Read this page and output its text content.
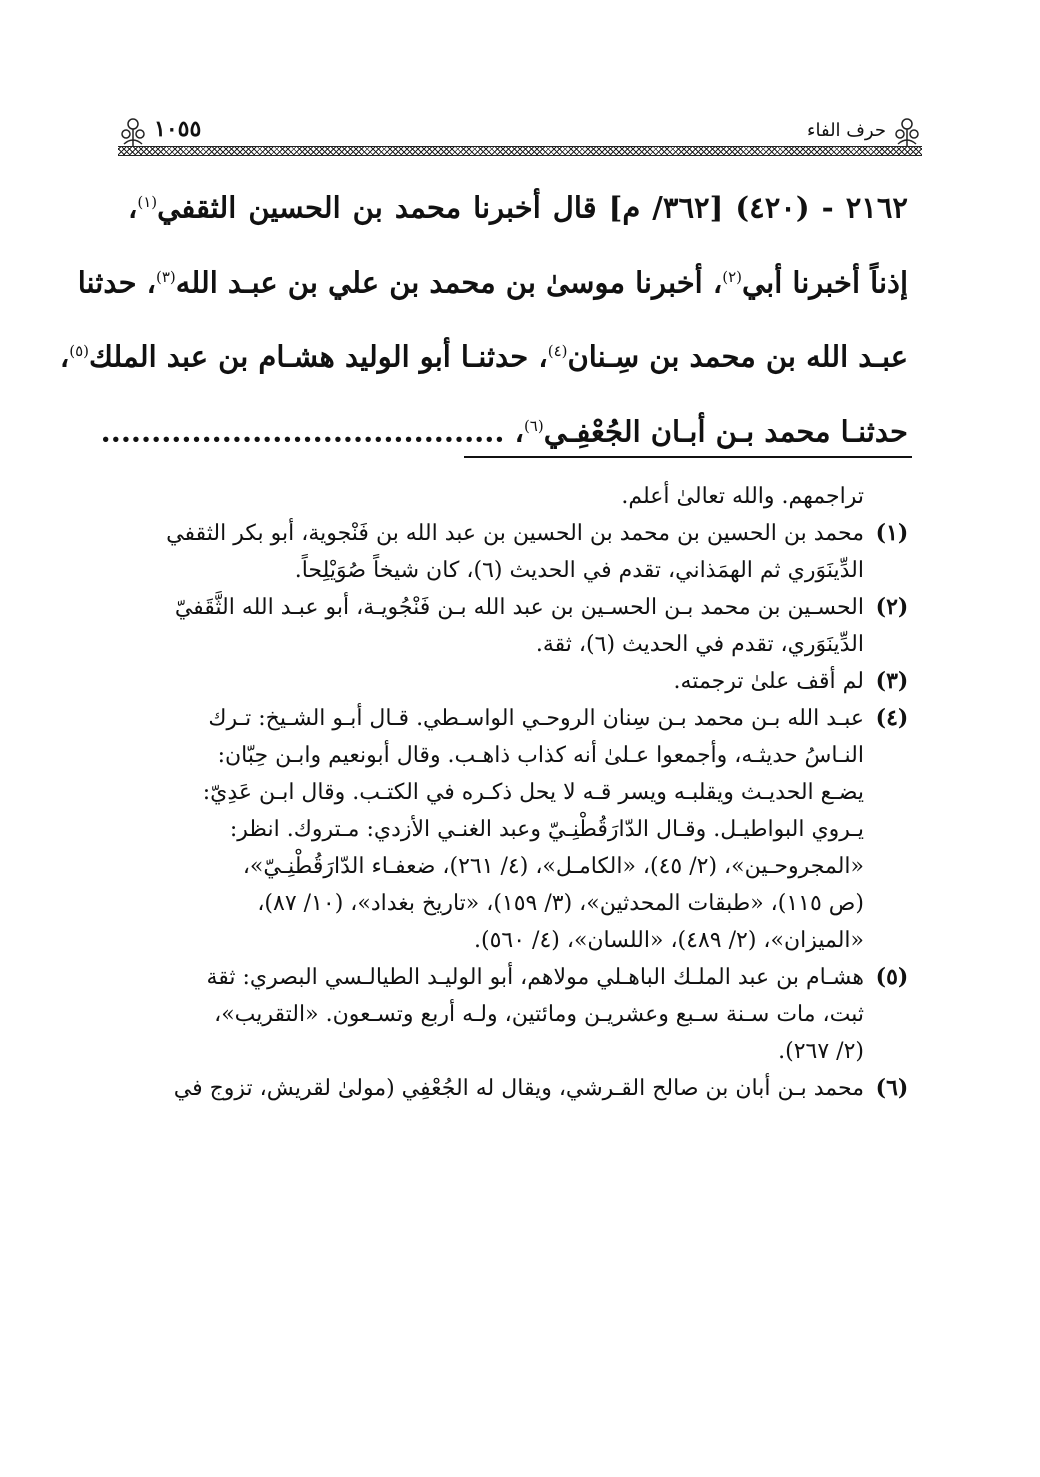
حرف الفاء
١٠٥٥

٢١٦٢ - (٤٢٠) [٣٦٢/ م] قال أخبرنا محمد بن الحسين الثقفي$^{(١)}$،

إذناً أخبرنا أبي$^{(٢)}$، أخبرنا موسىٰ بن محمد بن علي بن عبـد الله$^{(٣)}$، حدثنا

عبـد الله بن محمد بن سِـنان$^{(٤)}$، حدثنـا أبو الوليد هشـام بن عبد الملك$^{(٥)}$،

حدثنـا محمد بـن أبـان الجُعْفِـي$^{(٦)}$، ........................................

تراجمهم. والله تعالىٰ أعلم.

(١)
محمد بن الحسين بن محمد بن الحسين بن عبد الله بن فَنْجوية، أبو بكر الثقفي
الدِّينَوَري ثم الهمَذاني، تقدم في الحديث (٦)، كان شيخاً صُوَيْلِحاً.
(٢)
الحسـين بن محمد بـن الحسـين بن عبد الله بـن فَنْجُويـة، أبو عبـد الله الثَّقَفيّ
الدِّينَوَري، تقدم في الحديث (٦)، ثقة.
(٣)
لم أقف علىٰ ترجمته.
(٤)
عبـد الله بـن محمد بـن سِنان الروحـي الواسـطي. قـال أبـو الشـيخ: تـرك
النـاسُ حديثـه، وأجمعوا عـلىٰ أنه كذاب ذاهـب. وقال أبونعيم وابـن حِبّان:
يضـع الحديـث ويقلبـه ويسر قـه لا يحل ذكـره في الكتـب. وقال ابـن عَدِيّ:
يـروي البواطيـل. وقـال الدّارَقُطْنِـيّ وعبد الغنـي الأزدي: مـتروك. انظر:
«المجروحـين»، (٢/ ٤٥)، «الكامـل»، (٤/ ٢٦١)، ضعفـاء الدّارَقُطْنِـيّ»،
(ص ١١٥)، «طبقات المحدثين»، (٣/ ١٥٩)، «تاريخ بغداد»، (١٠/ ٨٧)،
«الميزان»، (٢/ ٤٨٩)، «اللسان»، (٤/ ٥٦٠).
(٥)
هشـام بن عبد الملـك الباهـلي مولاهم، أبو الوليـد الطيالـسي البصري: ثقة
ثبت، مات سـنة سـبع وعشريـن ومائتين، ولـه أربع وتسـعون. «التقريب»،
(٢/ ٢٦٧).
(٦)
محمد بـن أبان بن صالح القـرشي، ويقال له الجُعْفِي (مولىٰ لقريش، تزوج في
